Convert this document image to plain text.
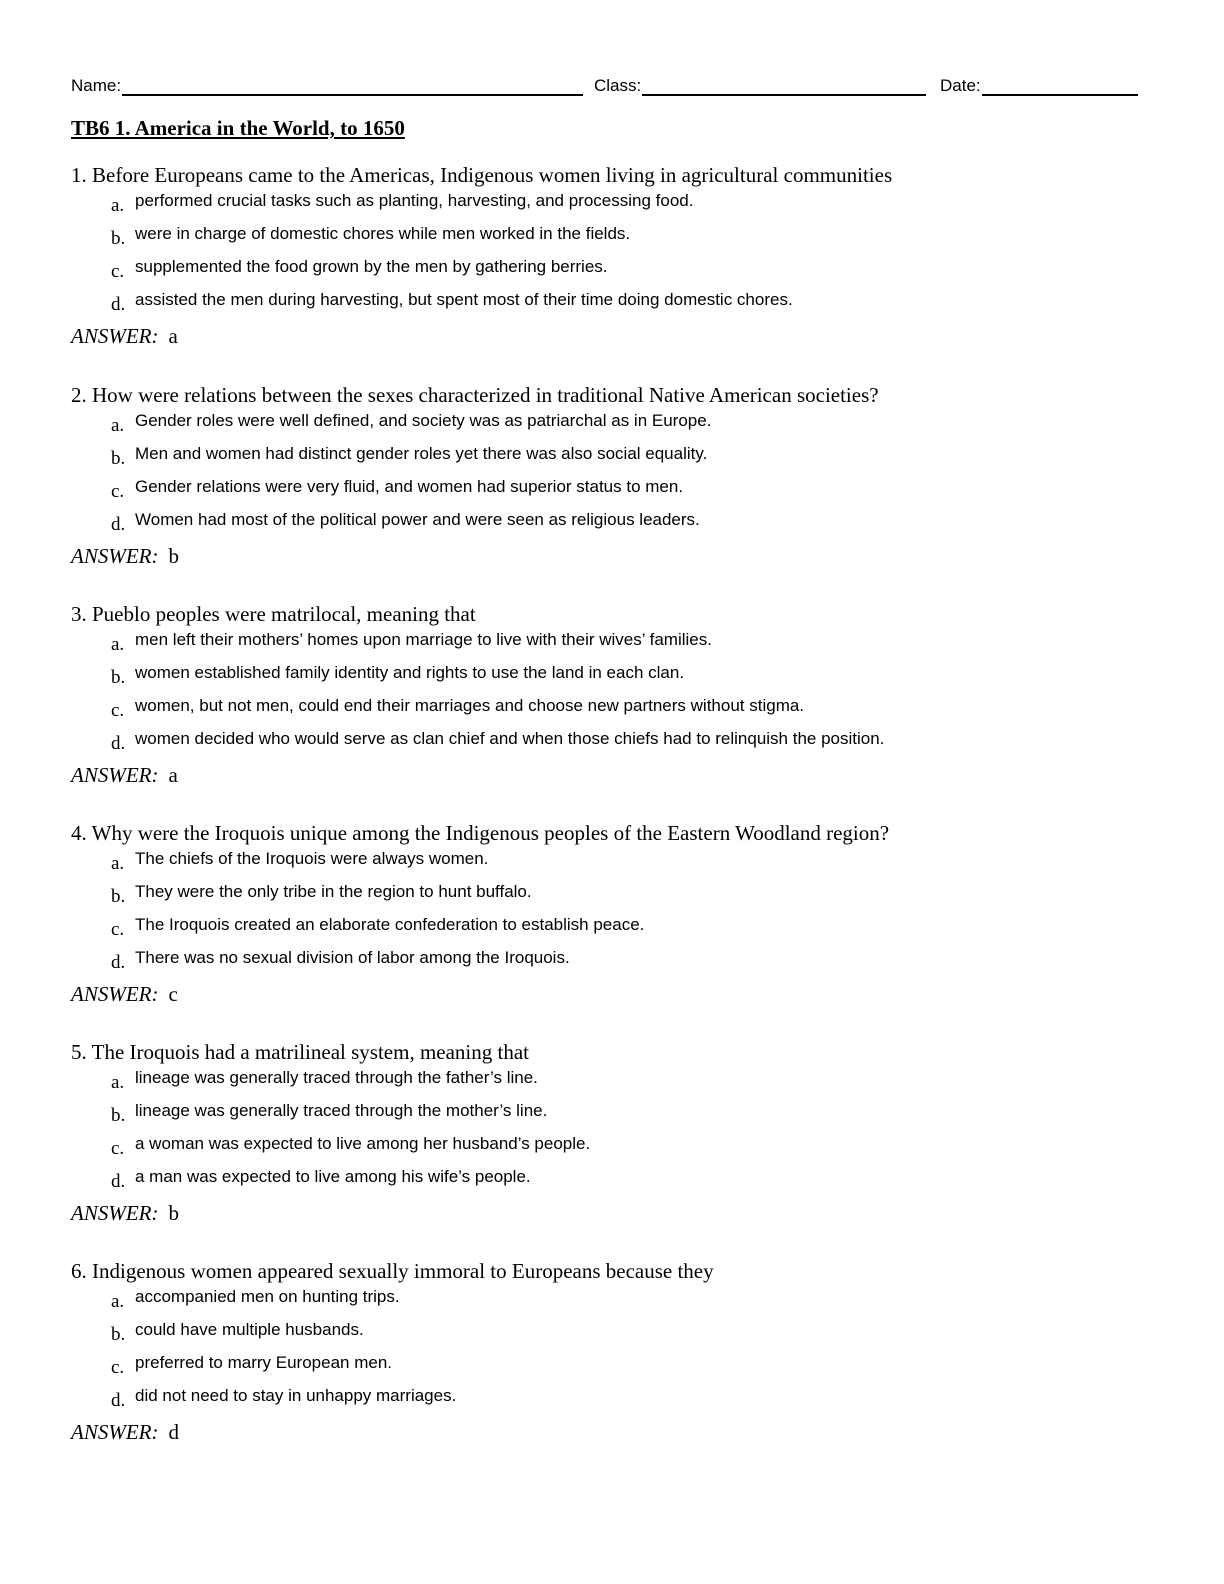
Name:	Class:	Date:
TB6 1. America in the World, to 1650
1. Before Europeans came to the Americas, Indigenous women living in agricultural communities
a. performed crucial tasks such as planting, harvesting, and processing food.
b. were in charge of domestic chores while men worked in the fields.
c. supplemented the food grown by the men by gathering berries.
d. assisted the men during harvesting, but spent most of their time doing domestic chores.
ANSWER: a
2. How were relations between the sexes characterized in traditional Native American societies?
a. Gender roles were well defined, and society was as patriarchal as in Europe.
b. Men and women had distinct gender roles yet there was also social equality.
c. Gender relations were very fluid, and women had superior status to men.
d. Women had most of the political power and were seen as religious leaders.
ANSWER: b
3. Pueblo peoples were matrilocal, meaning that
a. men left their mothers’ homes upon marriage to live with their wives’ families.
b. women established family identity and rights to use the land in each clan.
c. women, but not men, could end their marriages and choose new partners without stigma.
d. women decided who would serve as clan chief and when those chiefs had to relinquish the position.
ANSWER: a
4. Why were the Iroquois unique among the Indigenous peoples of the Eastern Woodland region?
a. The chiefs of the Iroquois were always women.
b. They were the only tribe in the region to hunt buffalo.
c. The Iroquois created an elaborate confederation to establish peace.
d. There was no sexual division of labor among the Iroquois.
ANSWER: c
5. The Iroquois had a matrilineal system, meaning that
a. lineage was generally traced through the father’s line.
b. lineage was generally traced through the mother’s line.
c. a woman was expected to live among her husband’s people.
d. a man was expected to live among his wife’s people.
ANSWER: b
6. Indigenous women appeared sexually immoral to Europeans because they
a. accompanied men on hunting trips.
b. could have multiple husbands.
c. preferred to marry European men.
d. did not need to stay in unhappy marriages.
ANSWER: d
